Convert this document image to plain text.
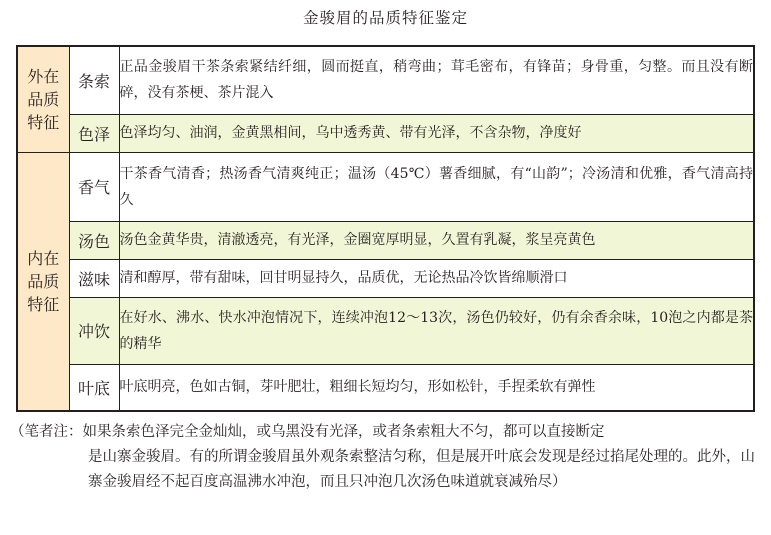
金骏眉的品质特征鉴定
外在品质特征	条索	正品金骏眉干茶条索紧结纤细，圆而挺直，稍弯曲；茸毛密布，有锋苗；身骨重，匀整。而且没有断碎，没有茶梗、茶片混入
	色泽	色泽均匀、油润，金黄黑相间，乌中透秀黄、带有光泽，不含杂物，净度好
内在品质特征	香气	干茶香气清香；热汤香气清爽纯正；温汤（45℃）薯香细腻，有“山韵”；冷汤清和优雅，香气清高持久
	汤色	汤色金黄华贵，清澈透亮，有光泽，金圈宽厚明显，久置有乳凝，浆呈亮黄色
	滋味	清和醇厚，带有甜味，回甘明显持久，品质优，无论热品冷饮皆绵顺滑口
	冲饮	在好水、沸水、快水冲泡情况下，连续冲泡12～13次，汤色仍较好，仍有余香余味，10泡之内都是茶的精华
	叶底	叶底明亮，色如古铜，芽叶肥壮，粗细长短均匀，形如松针，手捏柔软有弹性
（笔者注：如果条索色泽完全金灿灿，或乌黑没有光泽，或者条索粗大不匀，都可以直接断定
是山寨金骏眉。有的所谓金骏眉虽外观条索整洁匀称，但是展开叶底会发现是经过掐尾处理的。此外，山寨金骏眉经不起百度高温沸水冲泡，而且只冲泡几次汤色味道就衰减殆尽）
